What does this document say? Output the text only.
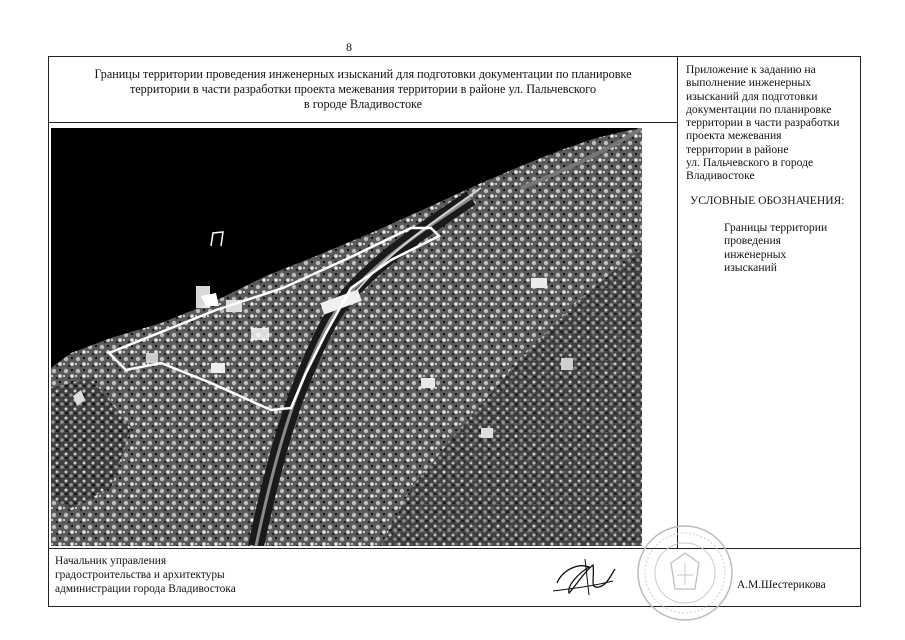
8
Границы территории проведения инженерных изысканий для подготовки документации по планировке
территории в части разработки проекта межевания территории в районе ул. Пальчевского
в городе Владивостоке
Приложение к заданию на
выполнение инженерных
изысканий для подготовки
документации по планировке
территории в части разработки
проекта межевания
территории в районе
ул. Пальчевского в городе
Владивостоке
УСЛОВНЫЕ ОБОЗНАЧЕНИЯ:
Границы территории
проведения
инженерных
изысканий
Начальник управления
градостроительства и архитектуры
администрации города Владивостока	А.М.Шестерикова
